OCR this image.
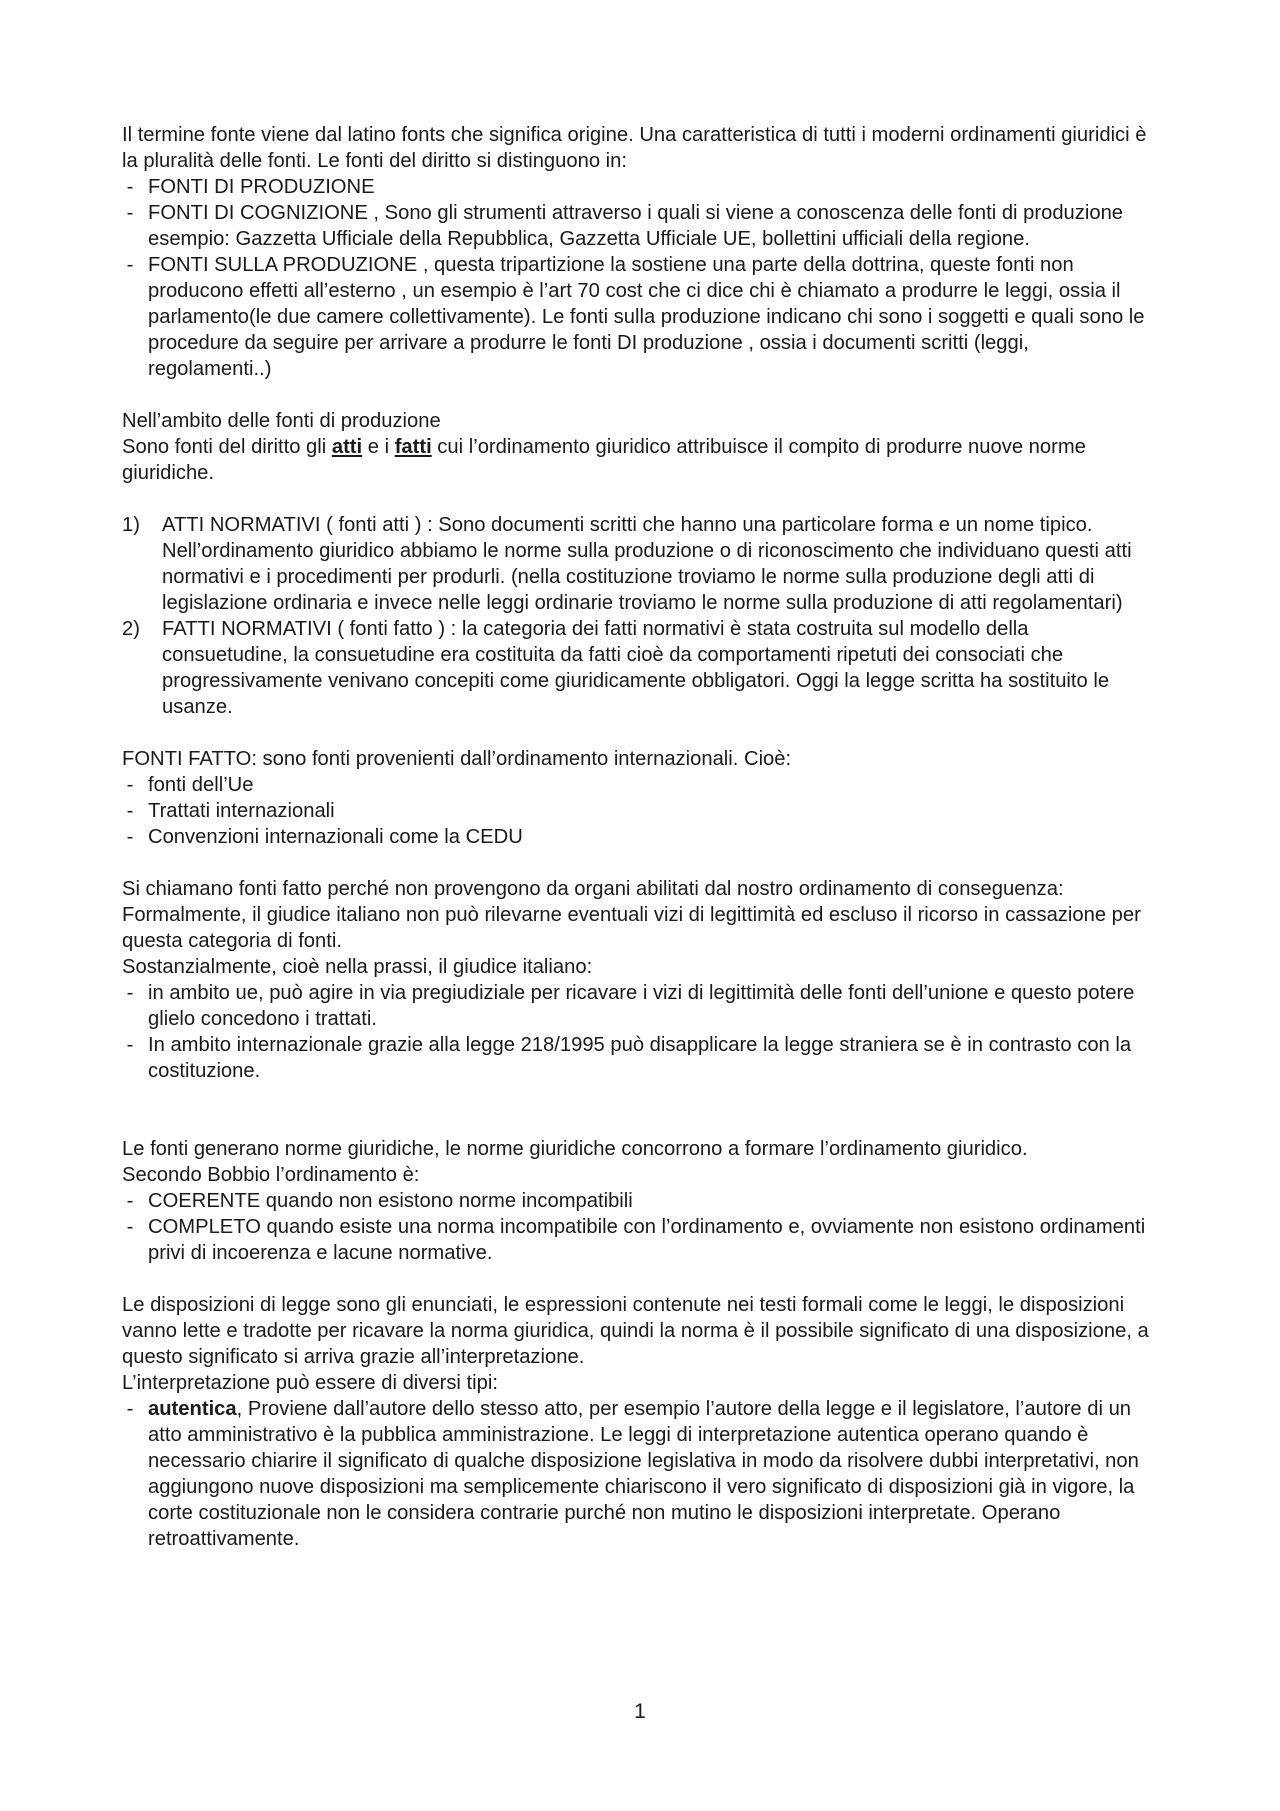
Il termine fonte viene dal latino fonts che significa origine. Una caratteristica di tutti i moderni ordinamenti giuridici è la pluralità delle fonti. Le fonti del diritto si distinguono in:

- FONTI DI PRODUZIONE
- FONTI DI COGNIZIONE , Sono gli strumenti attraverso i quali si viene a conoscenza delle fonti di produzione esempio: Gazzetta Ufficiale della Repubblica, Gazzetta Ufficiale UE, bollettini ufficiali della regione.
- FONTI SULLA PRODUZIONE , questa tripartizione la sostiene una parte della dottrina, queste fonti non producono effetti all’esterno , un esempio è l’art 70 cost che ci dice chi è chiamato a produrre le leggi, ossia il parlamento(le due camere collettivamente). Le fonti sulla produzione indicano chi sono i soggetti e quali sono le procedure da seguire per arrivare a produrre le fonti DI produzione , ossia i documenti scritti (leggi, regolamenti..)

Nell’ambito delle fonti di produzione

Sono fonti del diritto gli atti e i fatti cui l’ordinamento giuridico attribuisce il compito di produrre nuove norme giuridiche.

1) ATTI NORMATIVI ( fonti atti ) : Sono documenti scritti che hanno una particolare forma e un nome tipico. Nell’ordinamento giuridico abbiamo le norme sulla produzione o di riconoscimento che individuano questi atti normativi e i procedimenti per produrli. (nella costituzione troviamo le norme sulla produzione degli atti di legislazione ordinaria e invece nelle leggi ordinarie troviamo le norme sulla produzione di atti regolamentari)
2) FATTI NORMATIVI ( fonti fatto ) : la categoria dei fatti normativi è stata costruita sul modello della consuetudine, la consuetudine era costituita da fatti cioè da comportamenti ripetuti dei consociati che progressivamente venivano concepiti come giuridicamente obbligatori. Oggi la legge scritta ha sostituito le usanze.

FONTI FATTO: sono fonti provenienti dall’ordinamento internazionali. Cioè:

- fonti dell’Ue
- Trattati internazionali
- Convenzioni internazionali come la CEDU

Si chiamano fonti fatto perché non provengono da organi abilitati dal nostro ordinamento di conseguenza:

Formalmente, il giudice italiano non può rilevarne eventuali vizi di legittimità ed escluso il ricorso in cassazione per questa categoria di fonti.

Sostanzialmente, cioè nella prassi, il giudice italiano:

- in ambito ue, può agire in via pregiudiziale per ricavare i vizi di legittimità delle fonti dell’unione e questo potere glielo concedono i trattati.
- In ambito internazionale grazie alla legge 218/1995 può disapplicare la legge straniera se è in contrasto con la costituzione.

Le fonti generano norme giuridiche, le norme giuridiche concorrono a formare l’ordinamento giuridico.

Secondo Bobbio l’ordinamento è:

- COERENTE quando non esistono norme incompatibili
- COMPLETO quando esiste una norma incompatibile con l’ordinamento e, ovviamente non esistono ordinamenti privi di incoerenza e lacune normative.

Le disposizioni di legge sono gli enunciati, le espressioni contenute nei testi formali come le leggi, le disposizioni vanno lette e tradotte per ricavare la norma giuridica, quindi la norma è il possibile significato di una disposizione, a questo significato si arriva grazie all’interpretazione.

L’interpretazione può essere di diversi tipi:

- autentica, Proviene dall’autore dello stesso atto, per esempio l’autore della legge e il legislatore, l’autore di un atto amministrativo è la pubblica amministrazione. Le leggi di interpretazione autentica operano quando è necessario chiarire il significato di qualche disposizione legislativa in modo da risolvere dubbi interpretativi, non aggiungono nuove disposizioni ma semplicemente chiariscono il vero significato di disposizioni già in vigore, la corte costituzionale non le considera contrarie purché non mutino le disposizioni interpretate. Operano retroattivamente.
1
